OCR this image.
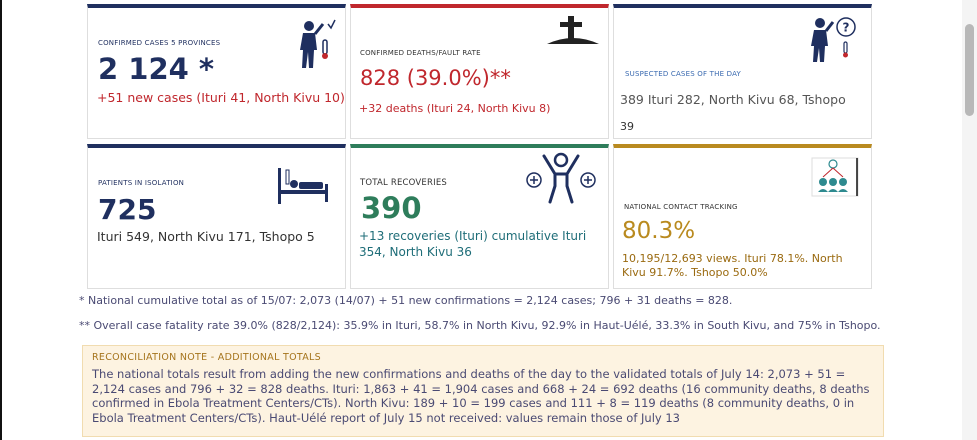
CONFIRMED CASES 5 PROVINCES
2 124 *
+51 new cases (Ituri 41, North Kivu 10)
CONFIRMED DEATHS/FAULT RATE
828 (39.0%)**
+32 deaths (Ituri 24, North Kivu 8)
SUSPECTED CASES OF THE DAY
389 Ituri 282, North Kivu 68, Tshopo
39
?
PATIENTS IN ISOLATION
725
Ituri 549, North Kivu 171, Tshopo 5
TOTAL RECOVERIES
390
+13 recoveries (Ituri) cumulative Ituri 354, North Kivu 36
NATIONAL CONTACT TRACKING
80.3%
10,195/12,693 views. Ituri 78.1%. North Kivu 91.7%. Tshopo 50.0%
* National cumulative total as of 15/07: 2,073 (14/07) + 51 new confirmations = 2,124 cases; 796 + 31 deaths = 828.
** Overall case fatality rate 39.0% (828/2,124): 35.9% in Ituri, 58.7% in North Kivu, 92.9% in Haut-Uélé, 33.3% in South Kivu, and 75% in Tshopo.
RECONCILIATION NOTE - ADDITIONAL TOTALS
The national totals result from adding the new confirmations and deaths of the day to the validated totals of July 14: 2,073 + 51 = 2,124 cases and 796 + 32 = 828 deaths. Ituri: 1,863 + 41 = 1,904 cases and 668 + 24 = 692 deaths (16 community deaths, 8 deaths confirmed in Ebola Treatment Centers/CTs). North Kivu: 189 + 10 = 199 cases and 111 + 8 = 119 deaths (8 community deaths, 0 in Ebola Treatment Centers/CTs). Haut-Uélé report of July 15 not received: values remain those of July 13
